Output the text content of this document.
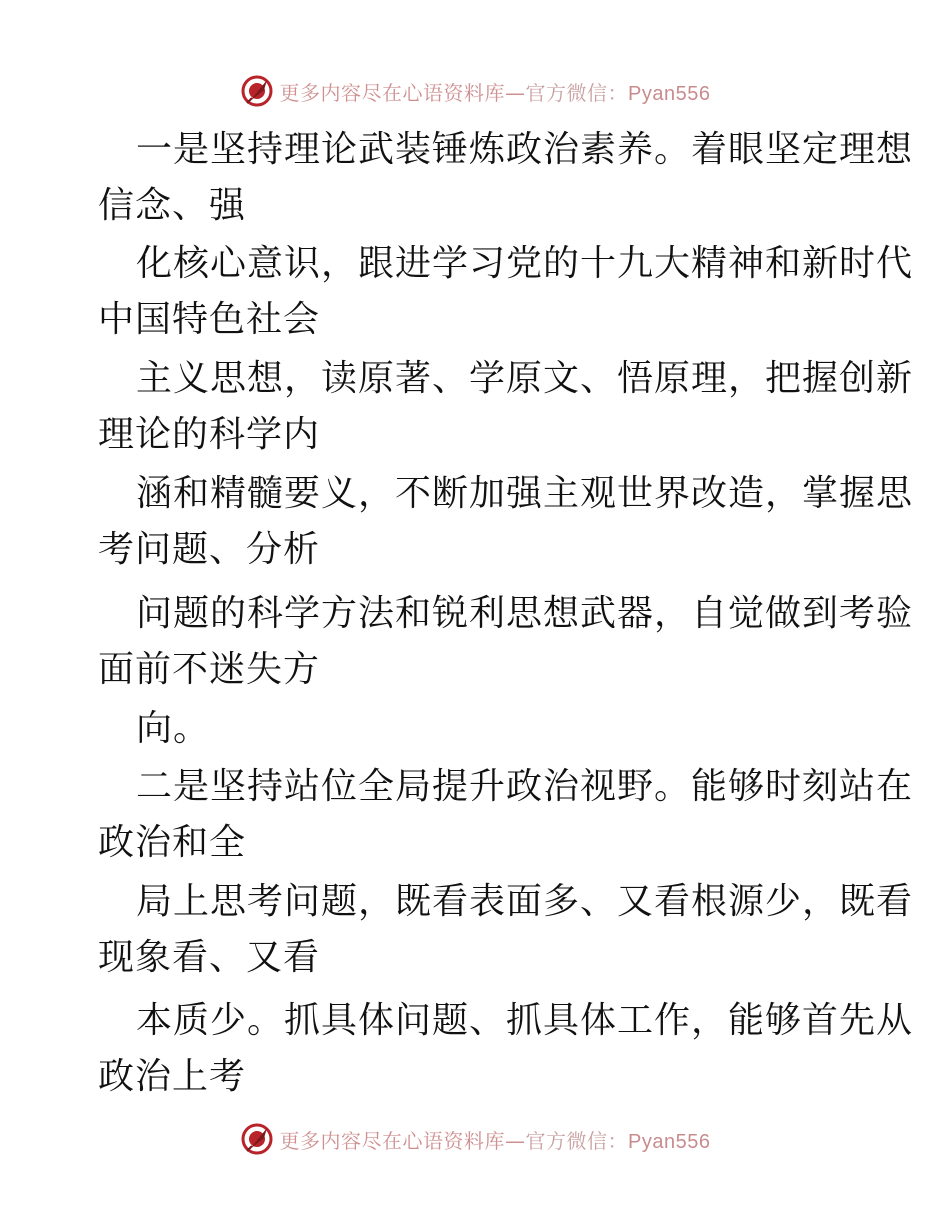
更多内容尽在心语资料库—官方微信：Pyan556
一是坚持理论武装锤炼政治素养。着眼坚定理想
信念、强
化核心意识，跟进学习党的十九大精神和新时代
中国特色社会
主义思想，读原著、学原文、悟原理，把握创新
理论的科学内
涵和精髓要义，不断加强主观世界改造，掌握思
考问题、分析
问题的科学方法和锐利思想武器，自觉做到考验
面前不迷失方
向。
二是坚持站位全局提升政治视野。能够时刻站在
政治和全
局上思考问题，既看表面多、又看根源少，既看
现象看、又看
本质少。抓具体问题、抓具体工作，能够首先从
政治上考
更多内容尽在心语资料库—官方微信：Pyan556
